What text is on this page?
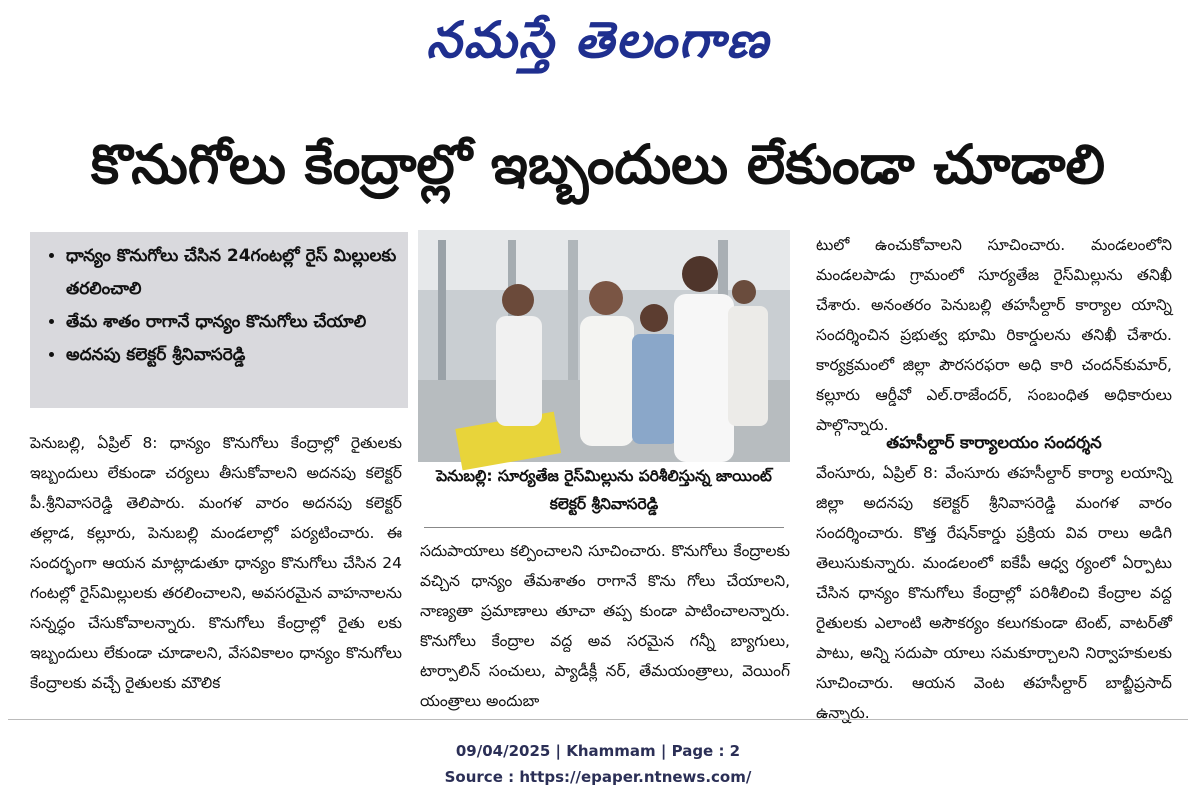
నమస్తే తెలంగాణ
కొనుగోలు కేంద్రాల్లో ఇబ్బందులు లేకుండా చూడాలి
• ధాన్యం కొనుగోలు చేసిన 24గంటల్లో రైస్ మిల్లులకు తరలించాలి
• తేమ శాతం రాగానే ధాన్యం కొనుగోలు చేయాలి
• అదనపు కలెక్టర్ శ్రీనివాసరెడ్డి
పెనుబల్లి, ఏప్రిల్ 8: ధాన్యం కొనుగోలు కేంద్రాల్లో రైతులకు ఇబ్బందులు లేకుండా చర్యలు తీసుకోవాలని అదనపు కలెక్టర్ పీ.శ్రీనివాసరెడ్డి తెలిపారు. మంగళ వారం అదనపు కలెక్టర్ తల్లాడ, కల్లూరు, పెనుబల్లి మండలాల్లో పర్యటించారు. ఈ సందర్భంగా ఆయన మాట్లాడుతూ ధాన్యం కొనుగోలు చేసిన 24 గంటల్లో రైస్‌మిల్లులకు తరలించాలని, అవసరమైన వాహనాలను సన్నద్ధం చేసుకోవాలన్నారు. కొనుగోలు కేంద్రాల్లో రైతు లకు ఇబ్బందులు లేకుండా చూడాలని, వేసవికాలం ధాన్యం కొనుగోలు కేంద్రాలకు వచ్చే రైతులకు మౌలిక
పెనుబల్లి: సూర్యతేజ రైస్‌మిల్లును పరిశీలిస్తున్న జాయింట్ కలెక్టర్ శ్రీనివాసరెడ్డి
సదుపాయాలు కల్పించాలని సూచించారు. కొనుగోలు కేంద్రాలకు వచ్చిన ధాన్యం తేమశాతం రాగానే కొను గోలు చేయాలని, నాణ్యతా ప్రమాణాలు తూచా తప్ప కుండా పాటించాలన్నారు. కొనుగోలు కేంద్రాల వద్ద అవ సరమైన గన్నీ బ్యాగులు, టార్పాలిన్ సంచులు, ప్యాడీక్లీ నర్, తేమయంత్రాలు, వెయింగ్ యంత్రాలు అందుబా
టులో ఉంచుకోవాలని సూచించారు. మండలంలోని మండలపాడు గ్రామంలో సూర్యతేజ రైస్‌మిల్లును తనిఖీ చేశారు. అనంతరం పెనుబల్లి తహసీల్దార్ కార్యాల యాన్ని సందర్శించిన ప్రభుత్వ భూమి రికార్డులను తనిఖీ చేశారు. కార్యక్రమంలో జిల్లా పౌరసరఫరా అధి కారి చందన్‌కుమార్, కల్లూరు ఆర్డీవో ఎల్.రాజేందర్, సంబంధిత అధికారులు పాల్గొన్నారు.
తహసీల్దార్ కార్యాలయం సందర్శన
వేంసూరు, ఏప్రిల్ 8: వేంసూరు తహసీల్దార్ కార్యా లయాన్ని జిల్లా అదనపు కలెక్టర్ శ్రీనివాసరెడ్డి మంగళ వారం సందర్శించారు. కొత్త రేషన్‌కార్డు ప్రక్రియ వివ రాలు అడిగి తెలుసుకున్నారు. మండలంలో ఐకేపీ ఆధ్వ ర్యంలో ఏర్పాటు చేసిన ధాన్యం కొనుగోలు కేంద్రాల్లో పరిశీలించి కేంద్రాల వద్ద రైతులకు ఎలాంటి అసౌకర్యం కలుగకుండా టెంట్, వాటర్‌తో పాటు, అన్ని సదుపా యాలు సమకూర్చాలని నిర్వాహకులకు సూచించారు. ఆయన వెంట తహసీల్దార్ బాబ్జీప్రసాద్ ఉన్నారు.
09/04/2025 | Khammam | Page : 2
Source : https://epaper.ntnews.com/
